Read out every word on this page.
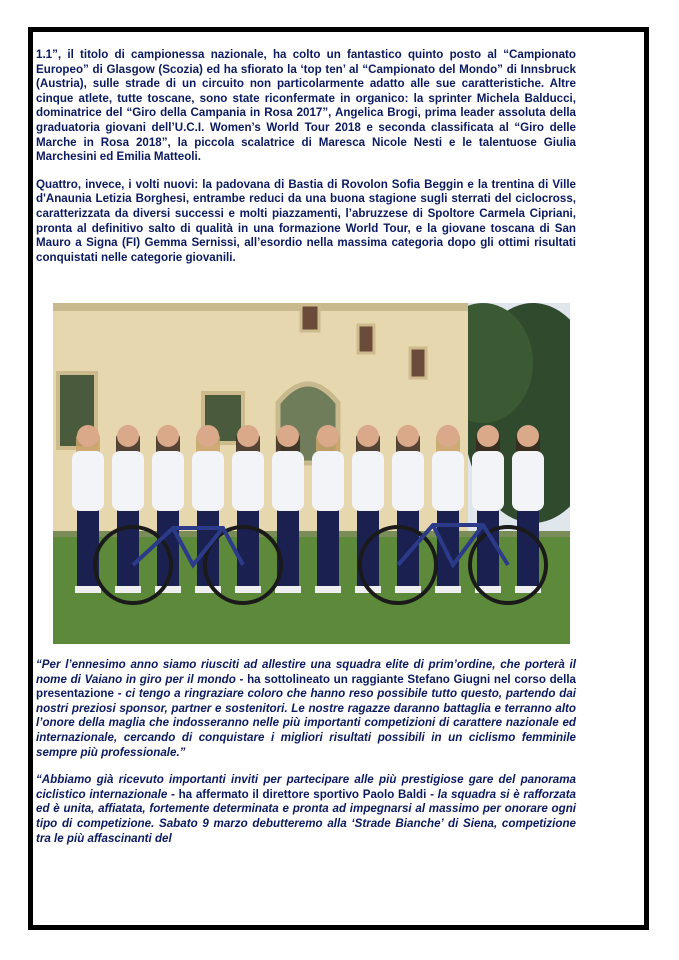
1.1”, il titolo di campionessa nazionale, ha colto un fantastico quinto posto al “Campionato Europeo” di Glasgow (Scozia) ed ha sfiorato la ‘top ten’ al “Campionato del Mondo” di Innsbruck (Austria), sulle strade di un circuito non particolarmente adatto alle sue caratteristiche. Altre cinque atlete, tutte toscane, sono state riconfermate in organico: la sprinter Michela Balducci, dominatrice del “Giro della Campania in Rosa 2017”, Angelica Brogi, prima leader assoluta della graduatoria giovani dell’U.C.I. Women’s World Tour 2018 e seconda classificata al “Giro delle Marche in Rosa 2018”, la piccola scalatrice di Maresca Nicole Nesti e le talentuose Giulia Marchesini ed Emilia Matteoli.

Quattro, invece, i volti nuovi: la padovana di Bastia di Rovolon Sofia Beggin e la trentina di Ville d'Anaunia Letizia Borghesi, entrambe reduci da una buona stagione sugli sterrati del ciclocross, caratterizzata da diversi successi e molti piazzamenti, l’abruzzese di Spoltore Carmela Cipriani, pronta al definitivo salto di qualità in una formazione World Tour, e la giovane toscana di San Mauro a Signa (FI) Gemma Sernissi, all’esordio nella massima categoria dopo gli ottimi risultati conquistati nelle categorie giovanili.

“Per l’ennesimo anno siamo riusciti ad allestire una squadra elite di prim’ordine, che porterà il nome di Vaiano in giro per il mondo - ha sottolineato un raggiante Stefano Giugni nel corso della presentazione - ci tengo a ringraziare coloro che hanno reso possibile tutto questo, partendo dai nostri preziosi sponsor, partner e sostenitori. Le nostre ragazze daranno battaglia e terranno alto l’onore della maglia che indosseranno nelle più importanti competizioni di carattere nazionale ed internazionale, cercando di conquistare i migliori risultati possibili in un ciclismo femminile sempre più professionale.”

“Abbiamo già ricevuto importanti inviti per partecipare alle più prestigiose gare del panorama ciclistico internazionale - ha affermato il direttore sportivo Paolo Baldi - la squadra si è rafforzata ed è unita, affiatata, fortemente determinata e pronta ad impegnarsi al massimo per onorare ogni tipo di competizione. Sabato 9 marzo debutteremo alla ‘Strade Bianche’ di Siena, competizione tra le più affascinanti del
